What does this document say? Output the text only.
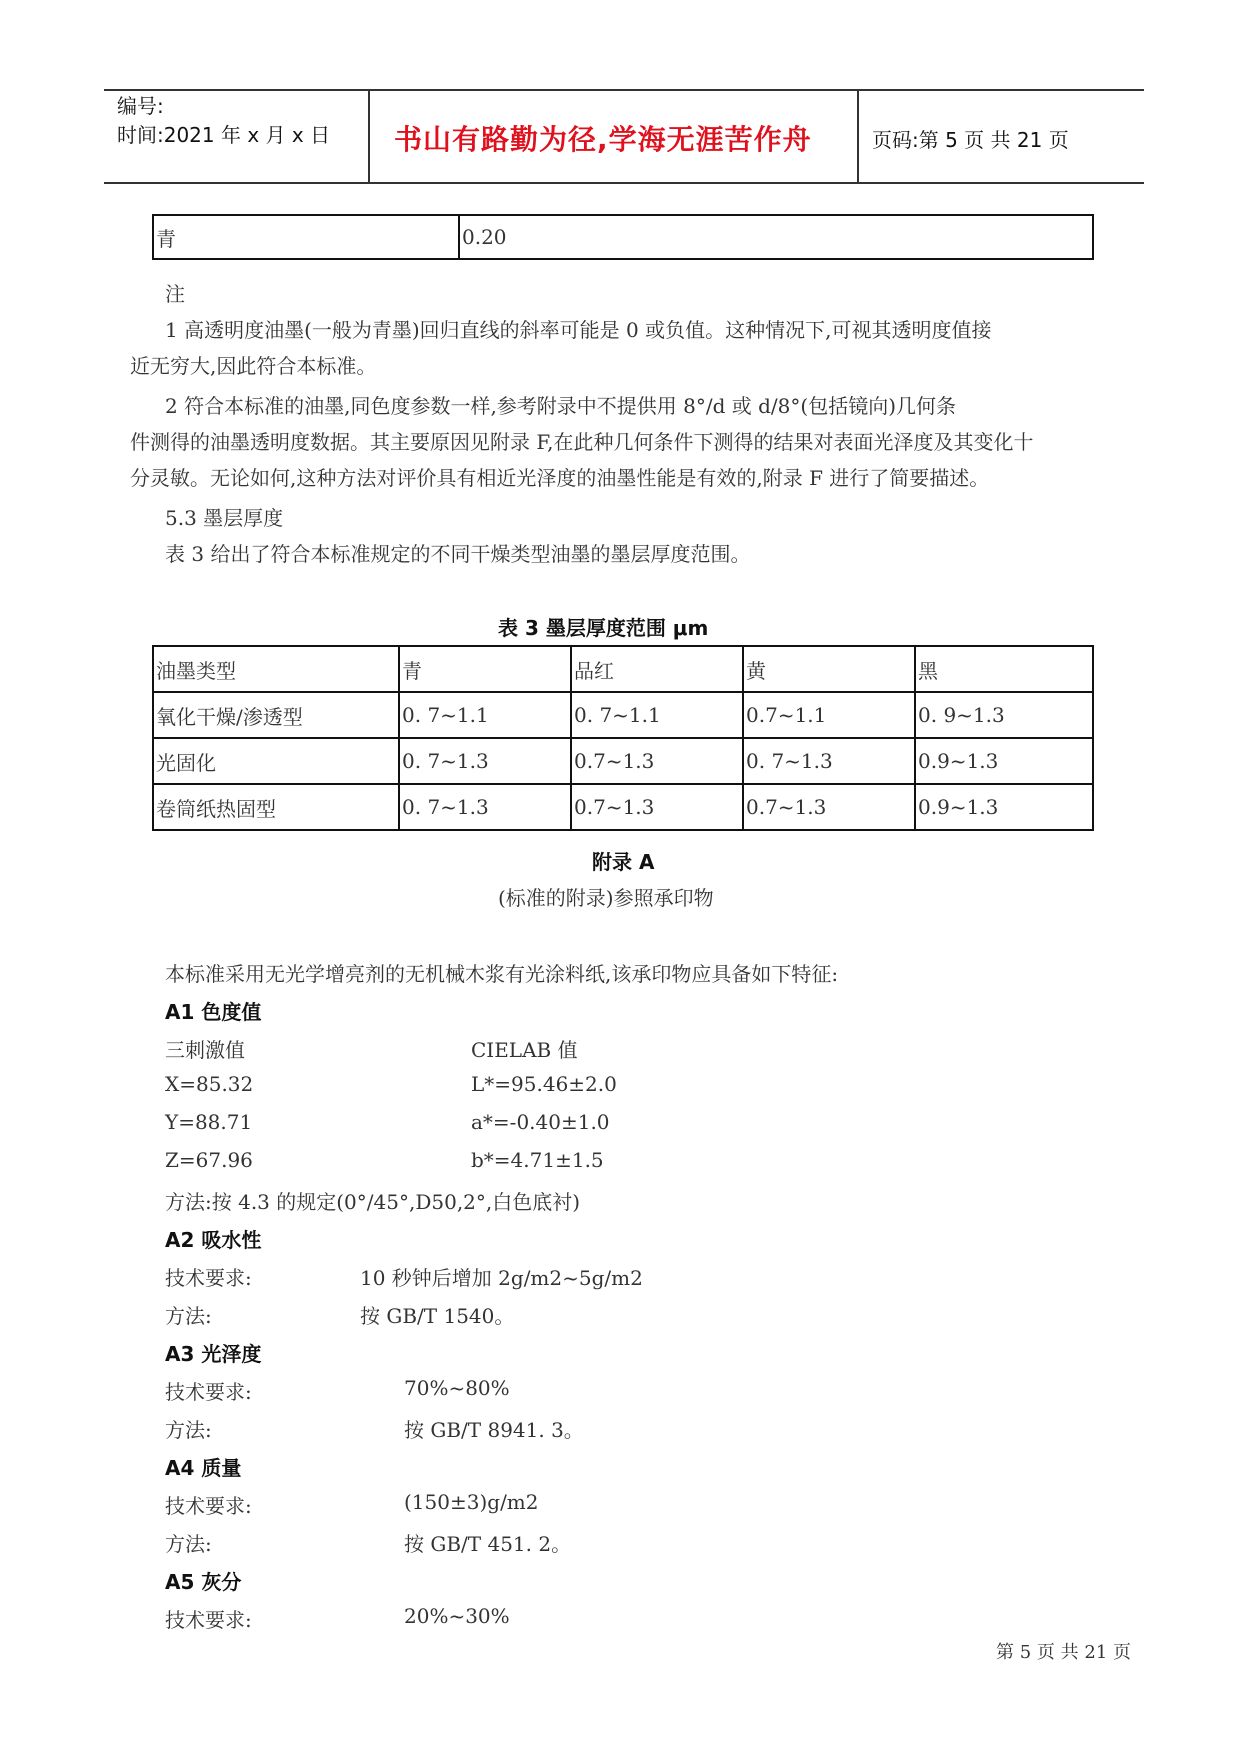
编号:
时间:2021 年 x 月 x 日 书山有路勤为径,学海无涯苦作舟	页码:第 5 页 共 21 页
青	0.20
注
1 高透明度油墨(一般为青墨)回归直线的斜率可能是 0 或负值。这种情况下,可视其透明度值接
近无穷大,因此符合本标准。
2 符合本标准的油墨,同色度参数一样,参考附录中不提供用 8°/d 或 d/8°(包括镜向)几何条
件测得的油墨透明度数据。其主要原因见附录 F,在此种几何条件下测得的结果对表面光泽度及其变化十
分灵敏。无论如何,这种方法对评价具有相近光泽度的油墨性能是有效的,附录 F 进行了简要描述。
5.3 墨层厚度
表 3 给出了符合本标准规定的不同干燥类型油墨的墨层厚度范围。
表 3 墨层厚度范围 μm
油墨类型	青	品红	黄	黑
氧化干燥/渗透型	0. 7~1.1	0. 7~1.1	0.7~1.1	0. 9~1.3
光固化	0. 7~1.3	0.7~1.3	0. 7~1.3	0.9~1.3
卷筒纸热固型	0. 7~1.3	0.7~1.3	0.7~1.3	0.9~1.3
附录 A
(标准的附录)参照承印物
本标准采用无光学增亮剂的无机械木浆有光涂料纸,该承印物应具备如下特征:
A1 色度值
三刺激值	CIELAB 值
X=85.32	L*=95.46±2.0
Y=88.71	a*=-0.40±1.0
Z=67.96	b*=4.71±1.5
方法:按 4.3 的规定(0°/45°,D50,2°,白色底衬)
A2 吸水性
技术要求:	10 秒钟后增加 2g/m2~5g/m2
方法:	按 GB/T 1540。
A3 光泽度
技术要求:	70%~80%
方法:	按 GB/T 8941. 3。
A4 质量
技术要求:	(150±3)g/m2
方法:	按 GB/T 451. 2。
A5 灰分
技术要求:	20%~30%
第 5 页 共 21 页
